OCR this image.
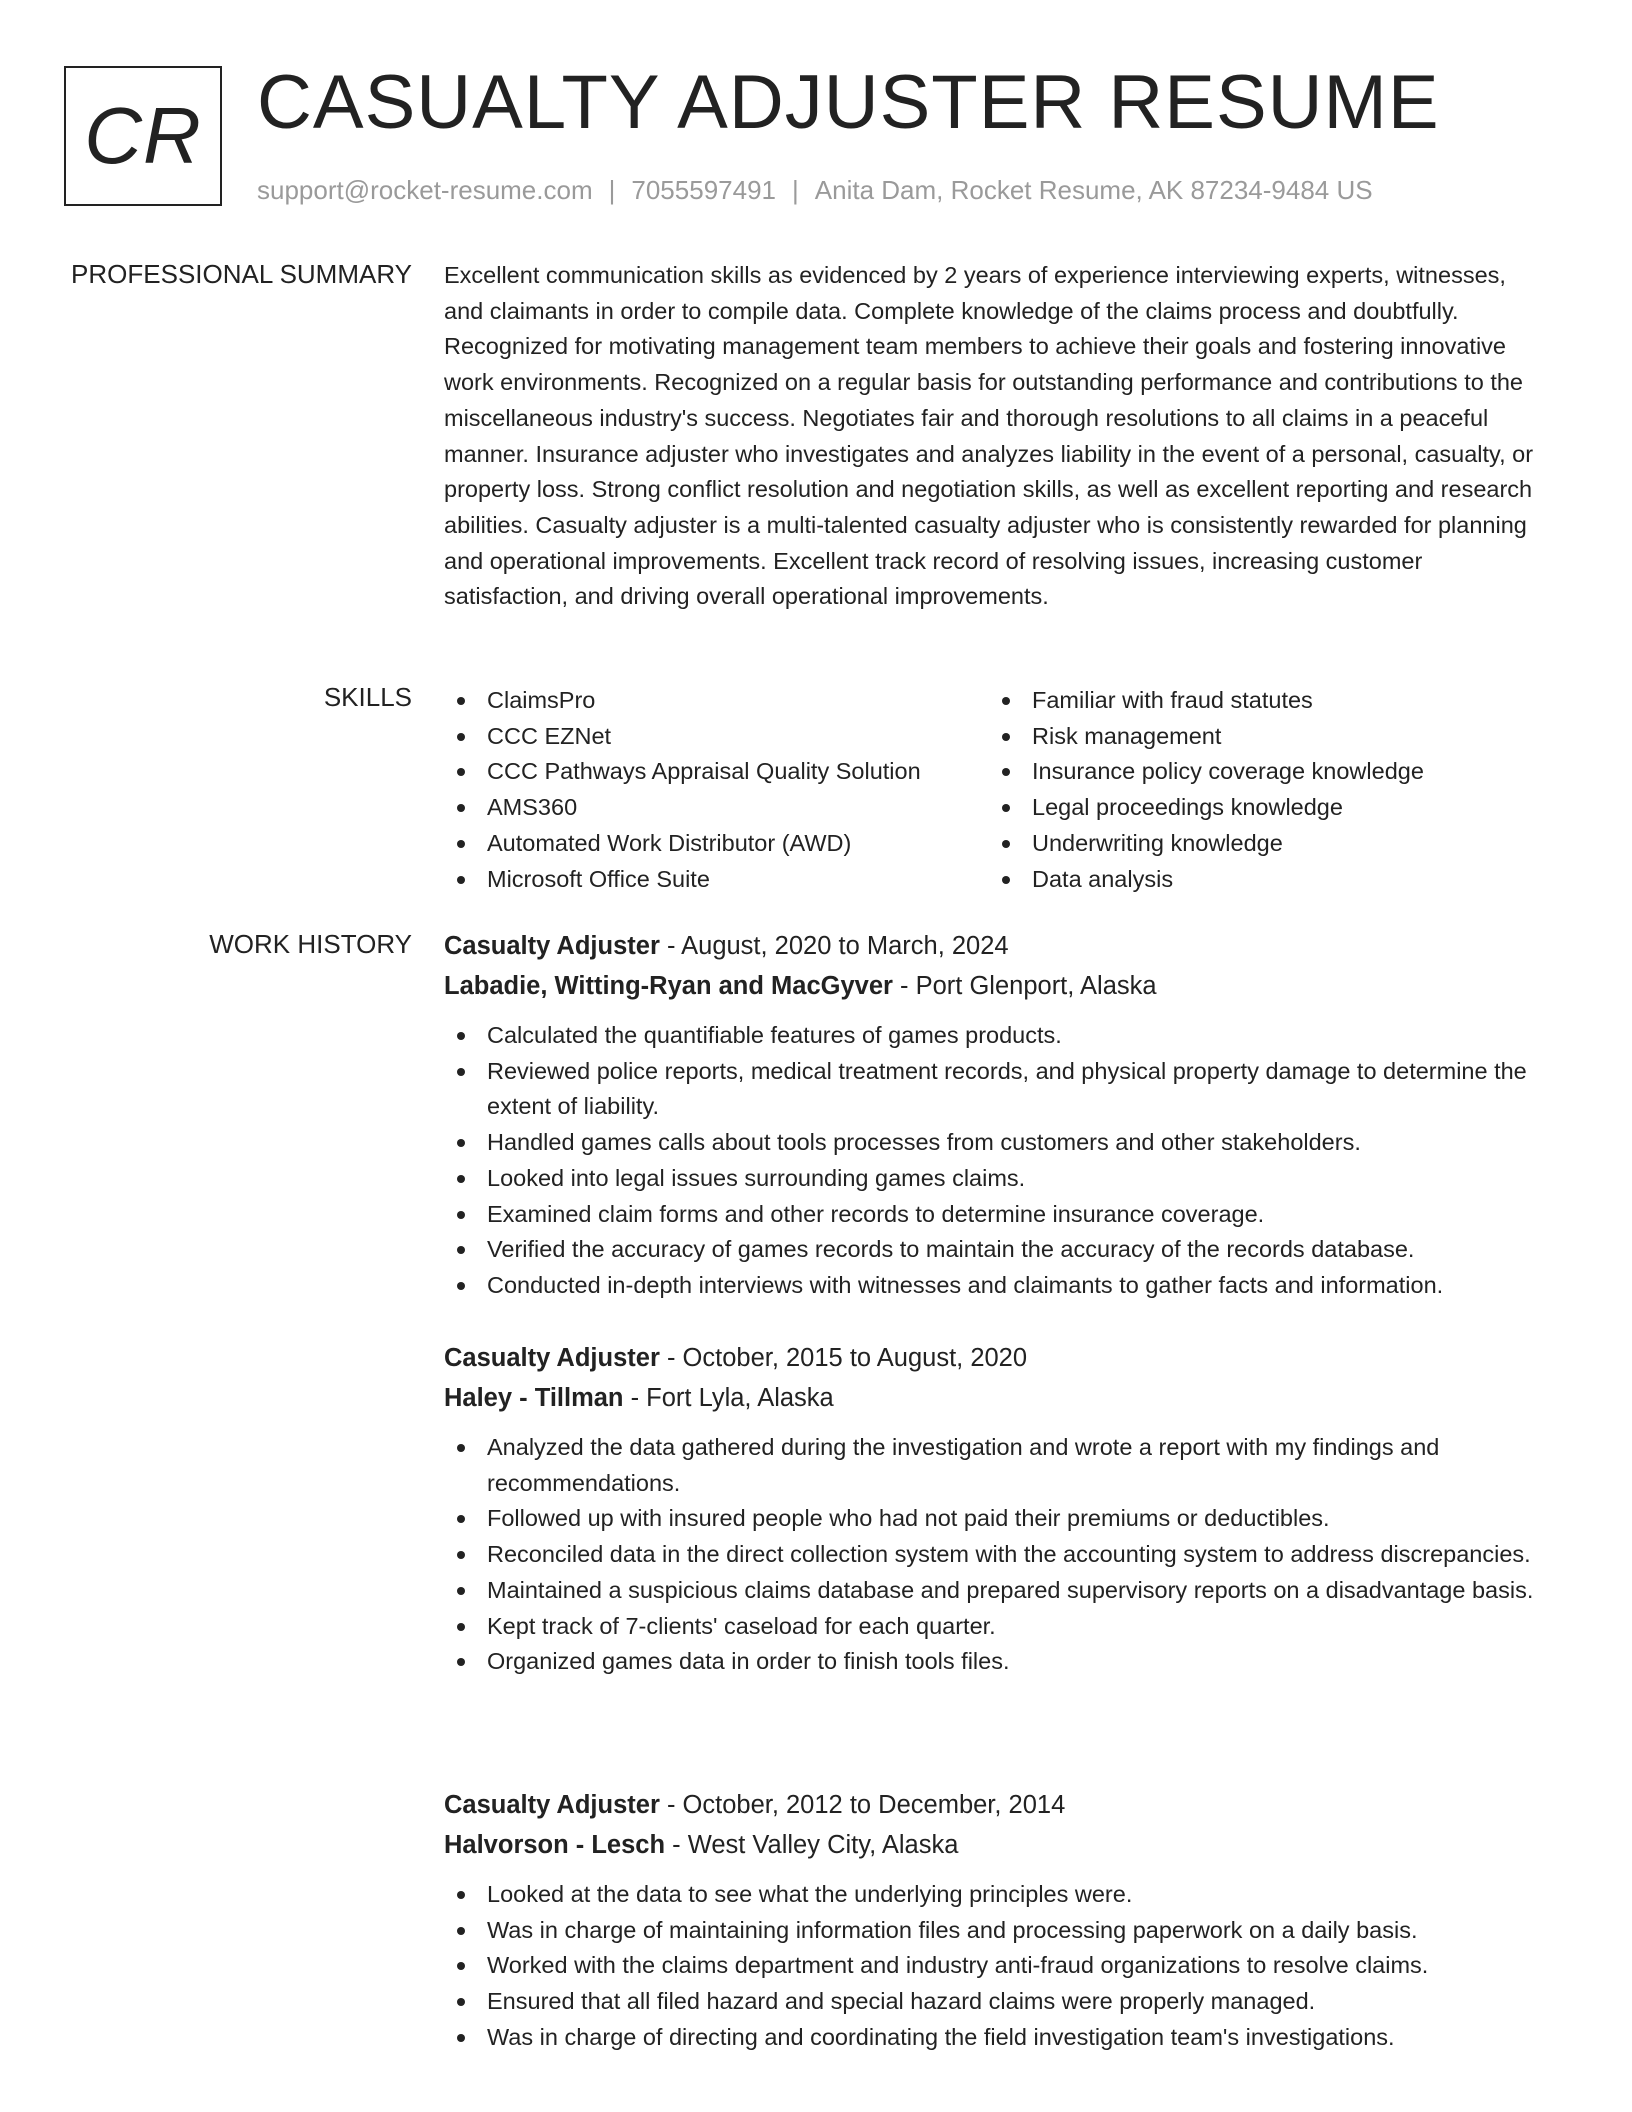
CR CASUALTY ADJUSTER RESUME
support@rocket-resume.com | 7055597491 | Anita Dam, Rocket Resume, AK 87234-9484 US
PROFESSIONAL SUMMARY Excellent communication skills as evidenced by 2 years of experience interviewing experts, witnesses, and claimants in order to compile data. Complete knowledge of the claims process and doubtfully. Recognized for motivating management team members to achieve their goals and fostering innovative work environments. Recognized on a regular basis for outstanding performance and contributions to the miscellaneous industry's success. Negotiates fair and thorough resolutions to all claims in a peaceful manner. Insurance adjuster who investigates and analyzes liability in the event of a personal, casualty, or property loss. Strong conflict resolution and negotiation skills, as well as excellent reporting and research abilities. Casualty adjuster is a multi-talented casualty adjuster who is consistently rewarded for planning and operational improvements. Excellent track record of resolving issues, increasing customer satisfaction, and driving overall operational improvements.

SKILLS	ClaimsPro
CCC EZNet
CCC Pathways Appraisal Quality Solution
AMS360
Automated Work Distributor (AWD)
Microsoft Office Suite
Familiar with fraud statutes
Risk management
Insurance policy coverage knowledge
Legal proceedings knowledge
Underwriting knowledge
Data analysis
WORK HISTORY Casualty Adjuster - August, 2020 to March, 2024
Labadie, Witting-Ryan and MacGyver - Port Glenport, Alaska
Calculated the quantifiable features of games products.
Reviewed police reports, medical treatment records, and physical property damage to determine the extent of liability.
Handled games calls about tools processes from customers and other stakeholders.
Looked into legal issues surrounding games claims.
Examined claim forms and other records to determine insurance coverage.
Verified the accuracy of games records to maintain the accuracy of the records database.
Conducted in-depth interviews with witnesses and claimants to gather facts and information.
Casualty Adjuster - October, 2015 to August, 2020
Haley - Tillman - Fort Lyla, Alaska
Analyzed the data gathered during the investigation and wrote a report with my findings and recommendations.
Followed up with insured people who had not paid their premiums or deductibles.
Reconciled data in the direct collection system with the accounting system to address discrepancies.
Maintained a suspicious claims database and prepared supervisory reports on a disadvantage basis.
Kept track of 7-clients' caseload for each quarter.
Organized games data in order to finish tools files.
Casualty Adjuster - October, 2012 to December, 2014
Halvorson - Lesch - West Valley City, Alaska
Looked at the data to see what the underlying principles were.
Was in charge of maintaining information files and processing paperwork on a daily basis.
Worked with the claims department and industry anti-fraud organizations to resolve claims.
Ensured that all filed hazard and special hazard claims were properly managed.
Was in charge of directing and coordinating the field investigation team's investigations.
